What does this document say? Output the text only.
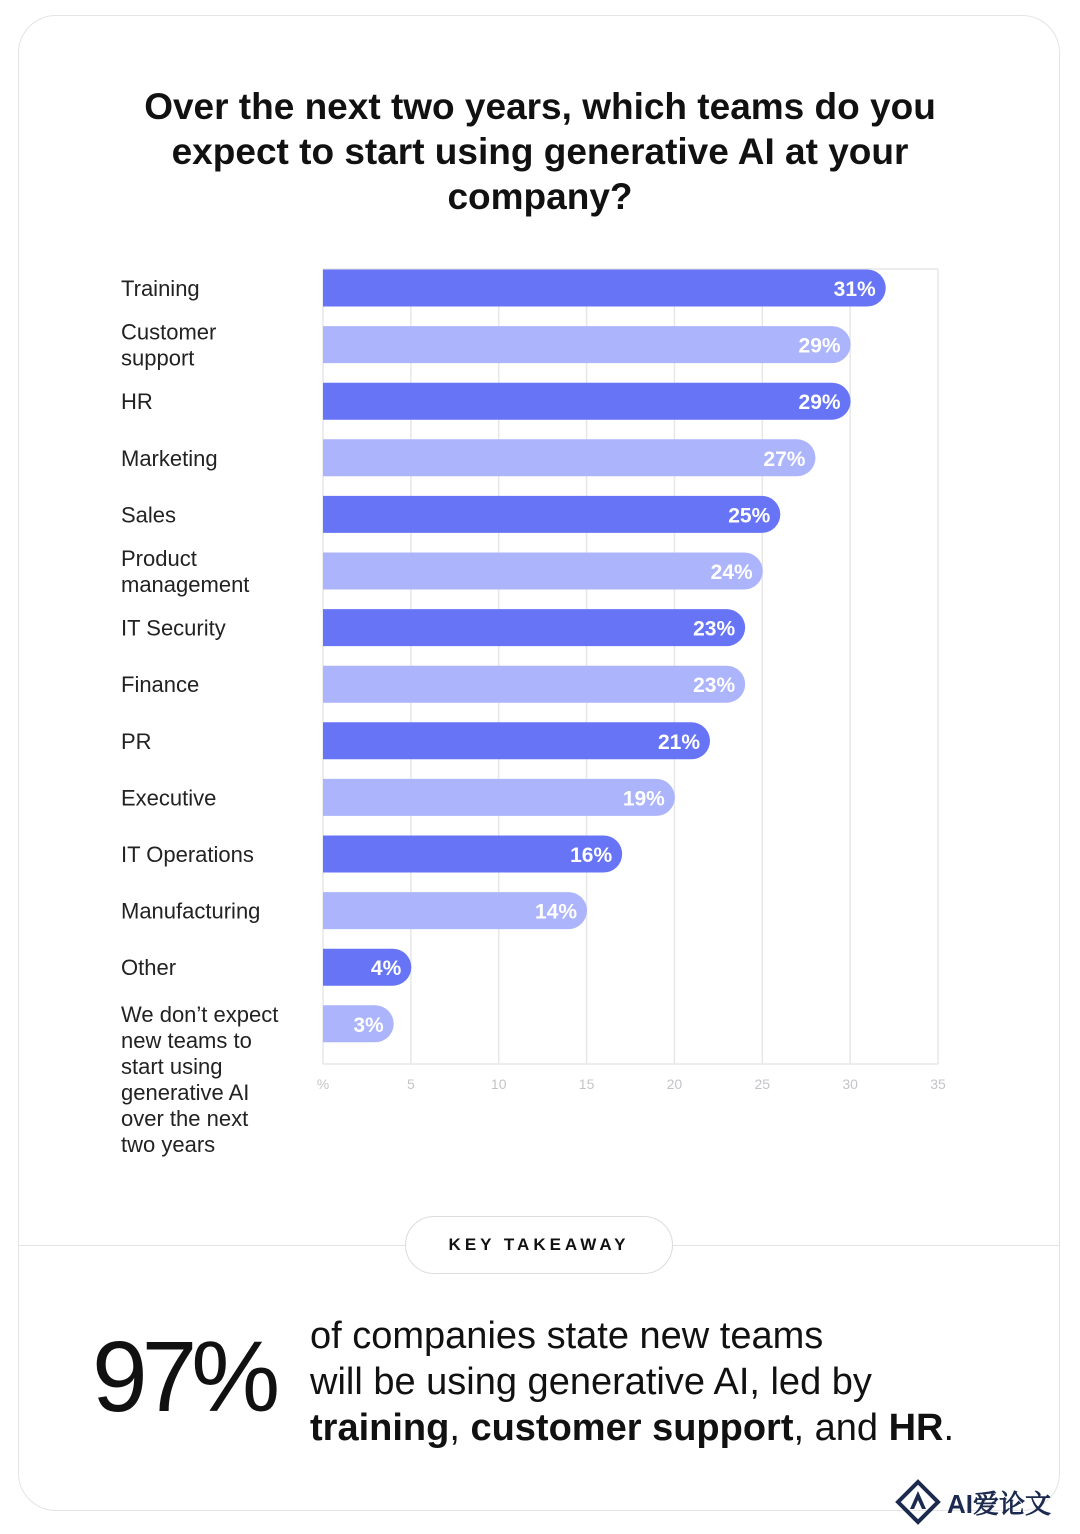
Over the next two years, which teams do you expect to start using generative AI at your company?
%	5	10	15	20	25	30	35
31%
Training
29%
Customer
support
29%
HR
27%
Marketing
25%
Sales
24%
Product
management
23%
IT Security
23%
Finance
21%
PR
19%
Executive
16%
IT Operations
14%
Manufacturing
4%
Other
3%
We don’t expect
new teams to
start using
generative AI
over the next
two years
KEY TAKEAWAY
97% of companies state new teams
will be using generative AI, led by
training, customer support, and HR.
AI爱论文
